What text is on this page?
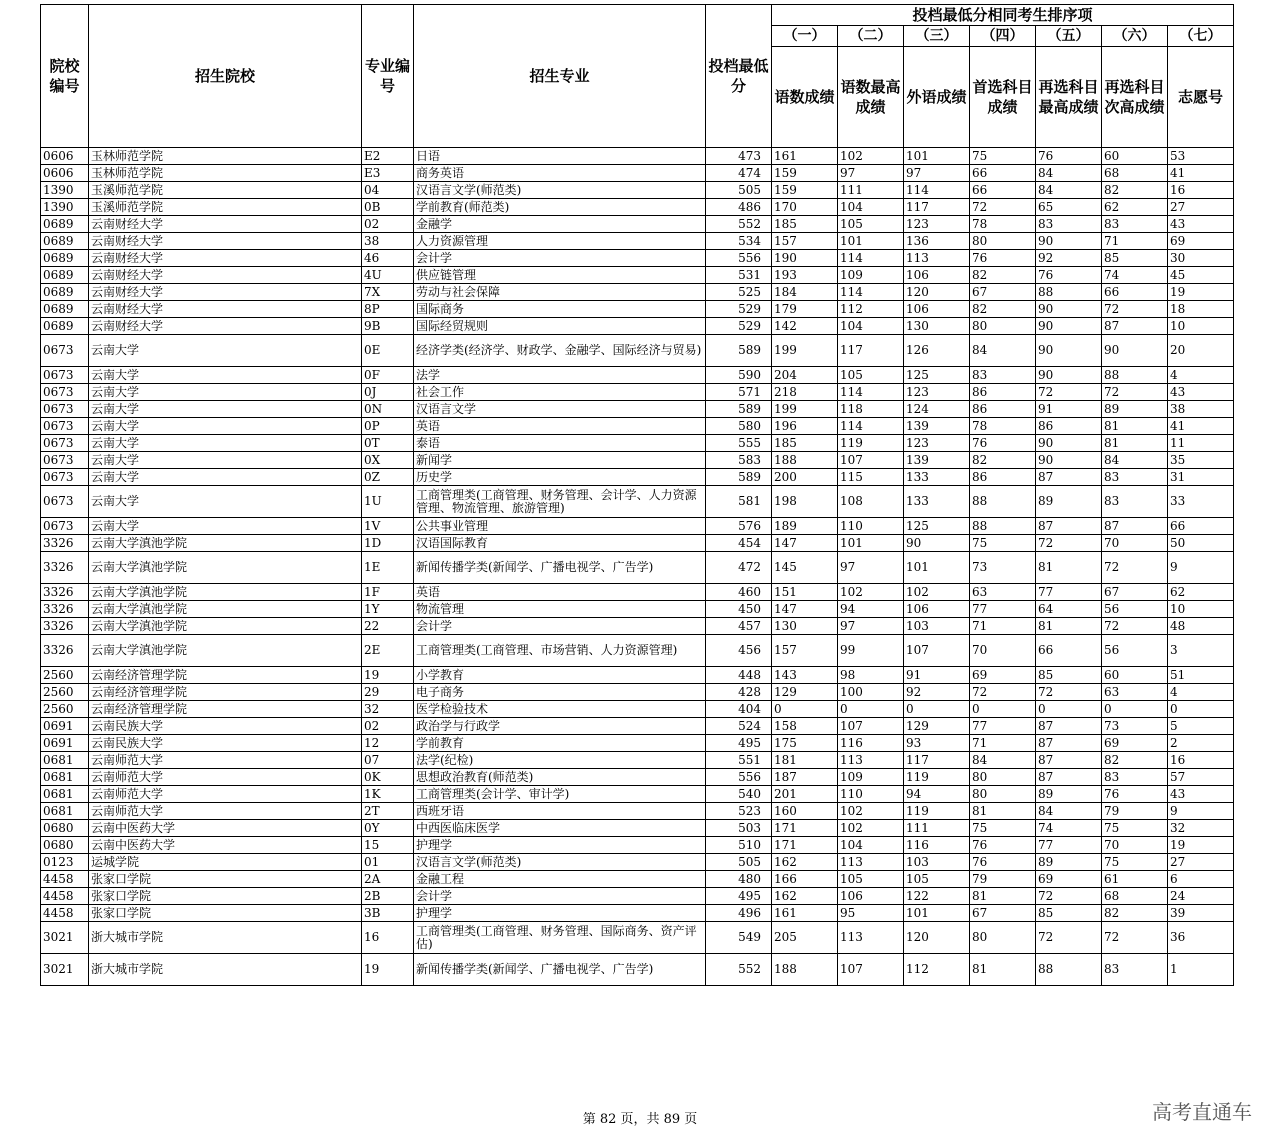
院校编号	招生院校	专业编号	招生专业	投档最低分	投档最低分相同考生排序项						
					（一）	（二）	（三）	（四）	（五）	（六）	（七）
					语数成绩	语数最高成绩	外语成绩	首选科目成绩	再选科目最高成绩	再选科目次高成绩	志愿号
0606	玉林师范学院	E2	日语	473	161	102	101	75	76	60	53
0606	玉林师范学院	E3	商务英语	474	159	97	97	66	84	68	41
1390	玉溪师范学院	04	汉语言文学(师范类)	505	159	111	114	66	84	82	16
1390	玉溪师范学院	0B	学前教育(师范类)	486	170	104	117	72	65	62	27
0689	云南财经大学	02	金融学	552	185	105	123	78	83	83	43
0689	云南财经大学	38	人力资源管理	534	157	101	136	80	90	71	69
0689	云南财经大学	46	会计学	556	190	114	113	76	92	85	30
0689	云南财经大学	4U	供应链管理	531	193	109	106	82	76	74	45
0689	云南财经大学	7X	劳动与社会保障	525	184	114	120	67	88	66	19
0689	云南财经大学	8P	国际商务	529	179	112	106	82	90	72	18
0689	云南财经大学	9B	国际经贸规则	529	142	104	130	80	90	87	10
0673	云南大学	0E	经济学类(经济学、财政学、金融学、国际经济与贸易)	589	199	117	126	84	90	90	20
0673	云南大学	0F	法学	590	204	105	125	83	90	88	4
0673	云南大学	0J	社会工作	571	218	114	123	86	72	72	43
0673	云南大学	0N	汉语言文学	589	199	118	124	86	91	89	38
0673	云南大学	0P	英语	580	196	114	139	78	86	81	41
0673	云南大学	0T	泰语	555	185	119	123	76	90	81	11
0673	云南大学	0X	新闻学	583	188	107	139	82	90	84	35
0673	云南大学	0Z	历史学	589	200	115	133	86	87	83	31
0673	云南大学	1U	工商管理类(工商管理、财务管理、会计学、人力资源管理、物流管理、旅游管理)	581	198	108	133	88	89	83	33
0673	云南大学	1V	公共事业管理	576	189	110	125	88	87	87	66
3326	云南大学滇池学院	1D	汉语国际教育	454	147	101	90	75	72	70	50
3326	云南大学滇池学院	1E	新闻传播学类(新闻学、广播电视学、广告学)	472	145	97	101	73	81	72	9
3326	云南大学滇池学院	1F	英语	460	151	102	102	63	77	67	62
3326	云南大学滇池学院	1Y	物流管理	450	147	94	106	77	64	56	10
3326	云南大学滇池学院	22	会计学	457	130	97	103	71	81	72	48
3326	云南大学滇池学院	2E	工商管理类(工商管理、市场营销、人力资源管理)	456	157	99	107	70	66	56	3
2560	云南经济管理学院	19	小学教育	448	143	98	91	69	85	60	51
2560	云南经济管理学院	29	电子商务	428	129	100	92	72	72	63	4
2560	云南经济管理学院	32	医学检验技术	404	0	0	0	0	0	0	0
0691	云南民族大学	02	政治学与行政学	524	158	107	129	77	87	73	5
0691	云南民族大学	12	学前教育	495	175	116	93	71	87	69	2
0681	云南师范大学	07	法学(纪检)	551	181	113	117	84	87	82	16
0681	云南师范大学	0K	思想政治教育(师范类)	556	187	109	119	80	87	83	57
0681	云南师范大学	1K	工商管理类(会计学、审计学)	540	201	110	94	80	89	76	43
0681	云南师范大学	2T	西班牙语	523	160	102	119	81	84	79	9
0680	云南中医药大学	0Y	中西医临床医学	503	171	102	111	75	74	75	32
0680	云南中医药大学	15	护理学	510	171	104	116	76	77	70	19
0123	运城学院	01	汉语言文学(师范类)	505	162	113	103	76	89	75	27
4458	张家口学院	2A	金融工程	480	166	105	105	79	69	61	6
4458	张家口学院	2B	会计学	495	162	106	122	81	72	68	24
4458	张家口学院	3B	护理学	496	161	95	101	67	85	82	39
3021	浙大城市学院	16	工商管理类(工商管理、财务管理、国际商务、资产评估)	549	205	113	120	80	72	72	36
3021	浙大城市学院	19	新闻传播学类(新闻学、广播电视学、广告学)	552	188	107	112	81	88	83	1
第 82 页，共 89 页	高考直通车
